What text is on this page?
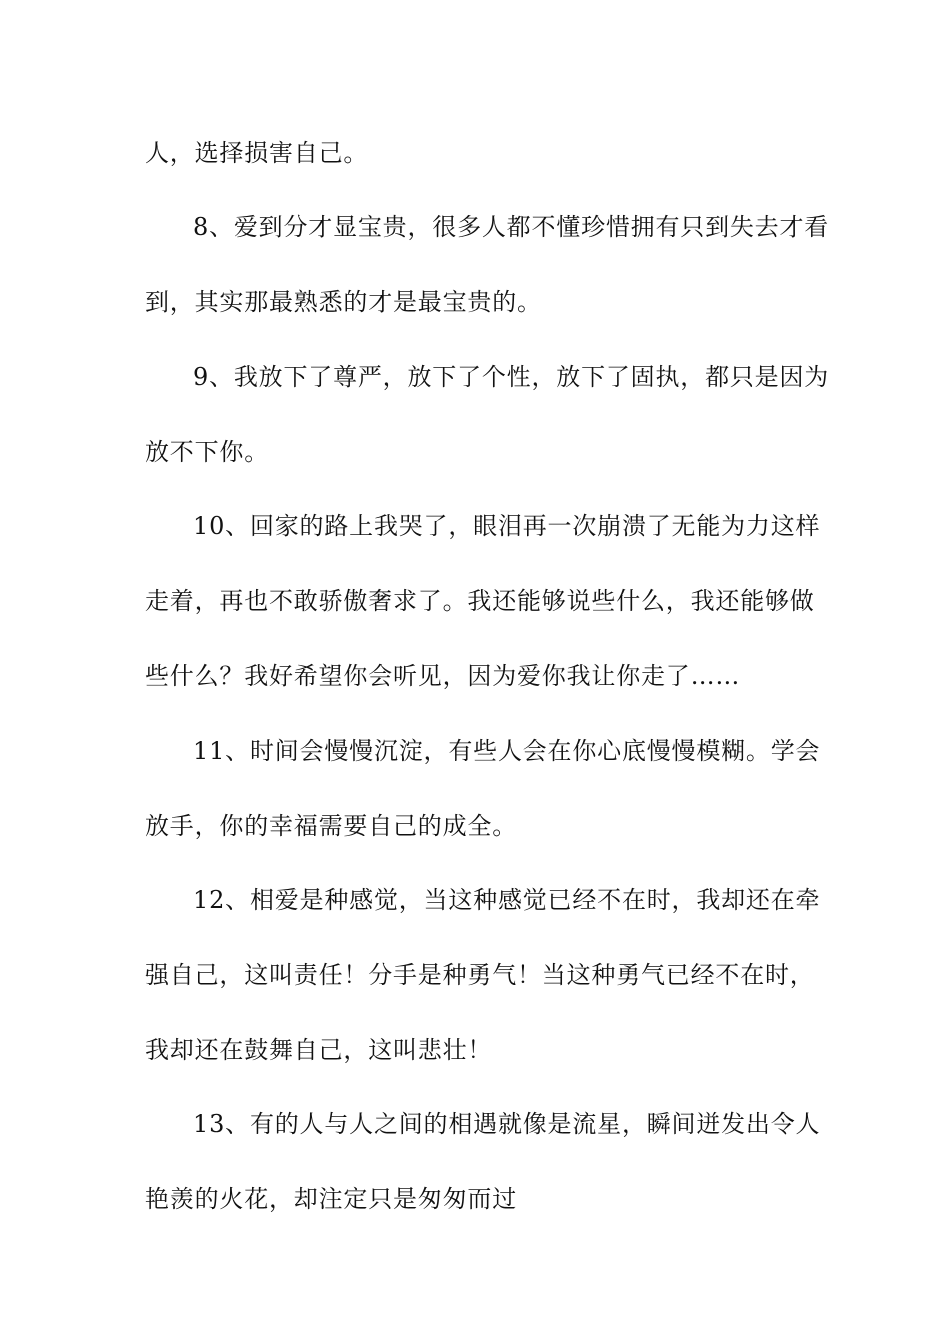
人，选择损害自己。
8、爱到分才显宝贵，很多人都不懂珍惜拥有只到失去才看
到，其实那最熟悉的才是最宝贵的。
9、我放下了尊严，放下了个性，放下了固执，都只是因为
放不下你。
10、回家的路上我哭了，眼泪再一次崩溃了无能为力这样
走着，再也不敢骄傲奢求了。我还能够说些什么，我还能够做
些什么？我好希望你会听见，因为爱你我让你走了……
11、时间会慢慢沉淀，有些人会在你心底慢慢模糊。学会
放手，你的幸福需要自己的成全。
12、相爱是种感觉，当这种感觉已经不在时，我却还在牵
强自己，这叫责任！分手是种勇气！当这种勇气已经不在时，
我却还在鼓舞自己，这叫悲壮！
13、有的人与人之间的相遇就像是流星，瞬间迸发出令人
艳羡的火花，却注定只是匆匆而过
